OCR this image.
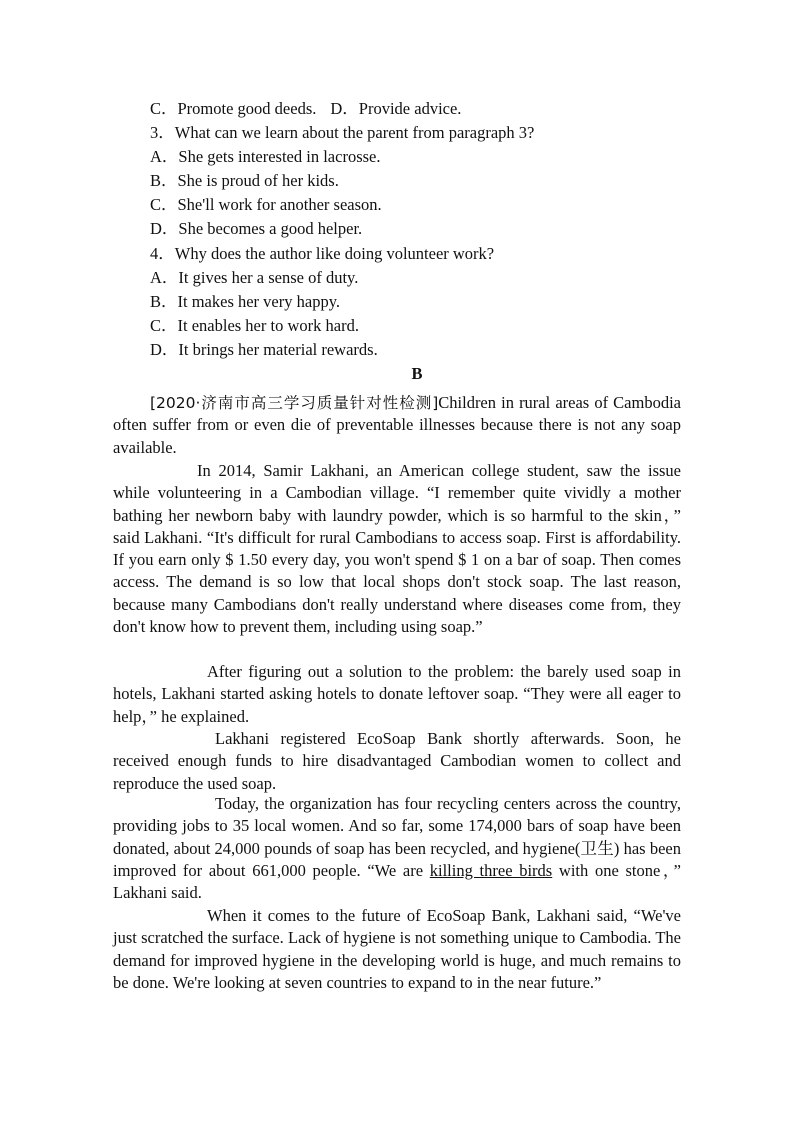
C．Promote good deeds. D．Provide advice.
3．What can we learn about the parent from paragraph 3?
A．She gets interested in lacrosse.
B．She is proud of her kids.
C．She'll work for another season.
D．She becomes a good helper.
4．Why does the author like doing volunteer work?
A．It gives her a sense of duty.
B．It makes her very happy.
C．It enables her to work hard.
D．It brings her material rewards.
B
[2020·济南市高三学习质量针对性检测]Children in rural areas of Cambodia often suffer from or even die of preventable illnesses because there is not any soap available.
In 2014, Samir Lakhani, an American college student, saw the issue while volunteering in a Cambodian village. “I remember quite vividly a mother bathing her newborn baby with laundry powder, which is so harmful to the skin，” said Lakhani. “It's difficult for rural Cambodians to access soap. First is affordability. If you earn only $ 1.50 every day, you won't spend $ 1 on a bar of soap. Then comes access. The demand is so low that local shops don't stock soap. The last reason, because many Cambodians don't really understand where diseases come from, they don't know how to prevent them, including using soap.”
After figuring out a solution to the problem: the barely used soap in hotels, Lakhani started asking hotels to donate leftover soap. “They were all eager to help，” he explained.
Lakhani registered EcoSoap Bank shortly afterwards. Soon, he received enough funds to hire disadvantaged Cambodian women to collect and reproduce the used soap.
Today, the organization has four recycling centers across the country, providing jobs to 35 local women. And so far, some 174,000 bars of soap have been donated, about 24,000 pounds of soap has been recycled, and hygiene(卫生) has been improved for about 661,000 people. “We are killing three birds with one stone，” Lakhani said.
When it comes to the future of EcoSoap Bank, Lakhani said, “We've just scratched the surface. Lack of hygiene is not something unique to Cambodia. The demand for improved hygiene in the developing world is huge, and much remains to be done. We're looking at seven countries to expand to in the near future.”
